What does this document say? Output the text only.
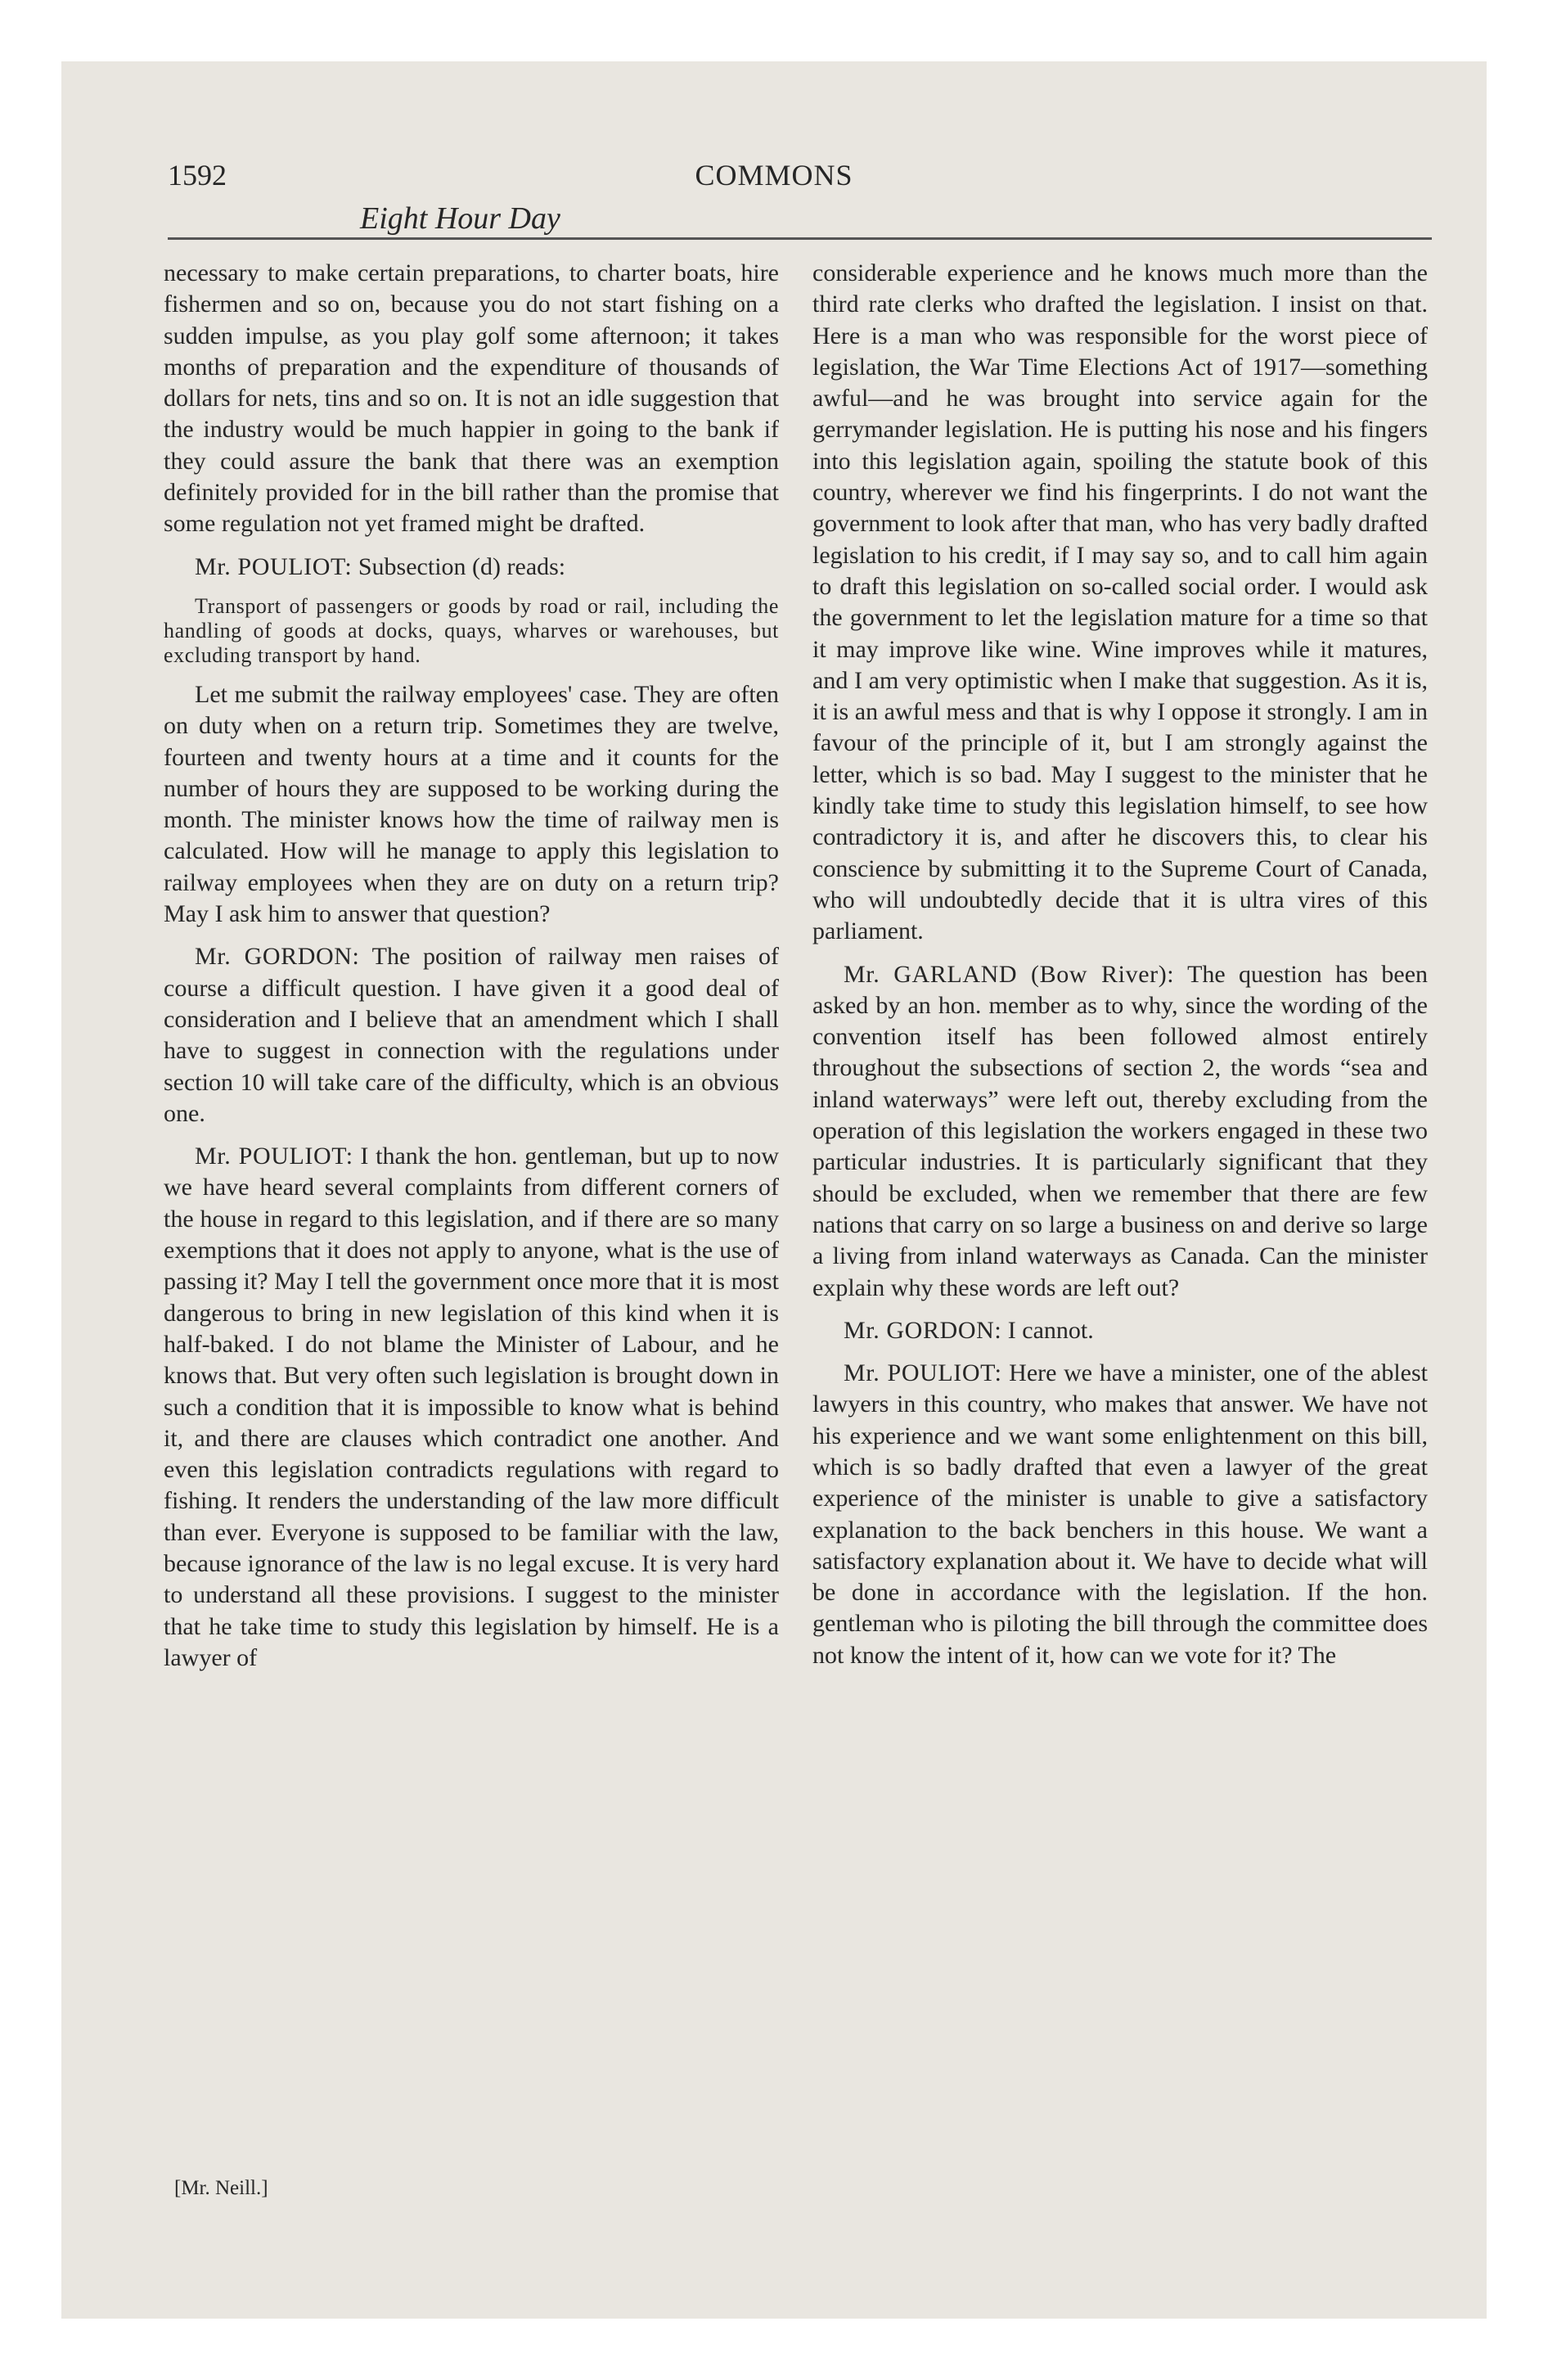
1592	COMMONS
Eight Hour Day

necessary to make certain preparations, to charter boats, hire fishermen and so on, because you do not start fishing on a sudden impulse, as you play golf some afternoon; it takes months of preparation and the expenditure of thousands of dollars for nets, tins and so on. It is not an idle suggestion that the industry would be much happier in going to the bank if they could assure the bank that there was an exemption definitely provided for in the bill rather than the promise that some regulation not yet framed might be drafted.

Mr. POULIOT: Subsection (d) reads:

Transport of passengers or goods by road or rail, including the handling of goods at docks, quays, wharves or warehouses, but excluding transport by hand.

Let me submit the railway employees' case. They are often on duty when on a return trip. Sometimes they are twelve, fourteen and twenty hours at a time and it counts for the number of hours they are supposed to be working during the month. The minister knows how the time of railway men is calculated. How will he manage to apply this legislation to railway employees when they are on duty on a return trip? May I ask him to answer that question?

Mr. GORDON: The position of railway men raises of course a difficult question. I have given it a good deal of consideration and I believe that an amendment which I shall have to suggest in connection with the regulations under section 10 will take care of the difficulty, which is an obvious one.

Mr. POULIOT: I thank the hon. gentleman, but up to now we have heard several complaints from different corners of the house in regard to this legislation, and if there are so many exemptions that it does not apply to anyone, what is the use of passing it? May I tell the government once more that it is most dangerous to bring in new legislation of this kind when it is half-baked. I do not blame the Minister of Labour, and he knows that. But very often such legislation is brought down in such a condition that it is impossible to know what is behind it, and there are clauses which contradict one another. And even this legislation contradicts regulations with regard to fishing. It renders the understanding of the law more difficult than ever. Everyone is supposed to be familiar with the law, because ignorance of the law is no legal excuse. It is very hard to understand all these provisions. I suggest to the minister that he take time to study this legislation by himself. He is a lawyer of

considerable experience and he knows much more than the third rate clerks who drafted the legislation. I insist on that. Here is a man who was responsible for the worst piece of legislation, the War Time Elections Act of 1917—something awful—and he was brought into service again for the gerrymander legislation. He is putting his nose and his fingers into this legislation again, spoiling the statute book of this country, wherever we find his fingerprints. I do not want the government to look after that man, who has very badly drafted legislation to his credit, if I may say so, and to call him again to draft this legislation on so-called social order. I would ask the government to let the legislation mature for a time so that it may improve like wine. Wine improves while it matures, and I am very optimistic when I make that suggestion. As it is, it is an awful mess and that is why I oppose it strongly. I am in favour of the principle of it, but I am strongly against the letter, which is so bad. May I suggest to the minister that he kindly take time to study this legislation himself, to see how contradictory it is, and after he discovers this, to clear his conscience by submitting it to the Supreme Court of Canada, who will undoubtedly decide that it is ultra vires of this parliament.

Mr. GARLAND (Bow River): The question has been asked by an hon. member as to why, since the wording of the convention itself has been followed almost entirely throughout the subsections of section 2, the words “sea and inland waterways” were left out, thereby excluding from the operation of this legislation the workers engaged in these two particular industries. It is particularly significant that they should be excluded, when we remember that there are few nations that carry on so large a business on and derive so large a living from inland waterways as Canada. Can the minister explain why these words are left out?

Mr. GORDON: I cannot.

Mr. POULIOT: Here we have a minister, one of the ablest lawyers in this country, who makes that answer. We have not his experience and we want some enlightenment on this bill, which is so badly drafted that even a lawyer of the great experience of the minister is unable to give a satisfactory explanation to the back benchers in this house. We want a satisfactory explanation about it. We have to decide what will be done in accordance with the legislation. If the hon. gentleman who is piloting the bill through the committee does not know the intent of it, how can we vote for it? The

[Mr. Neill.]
